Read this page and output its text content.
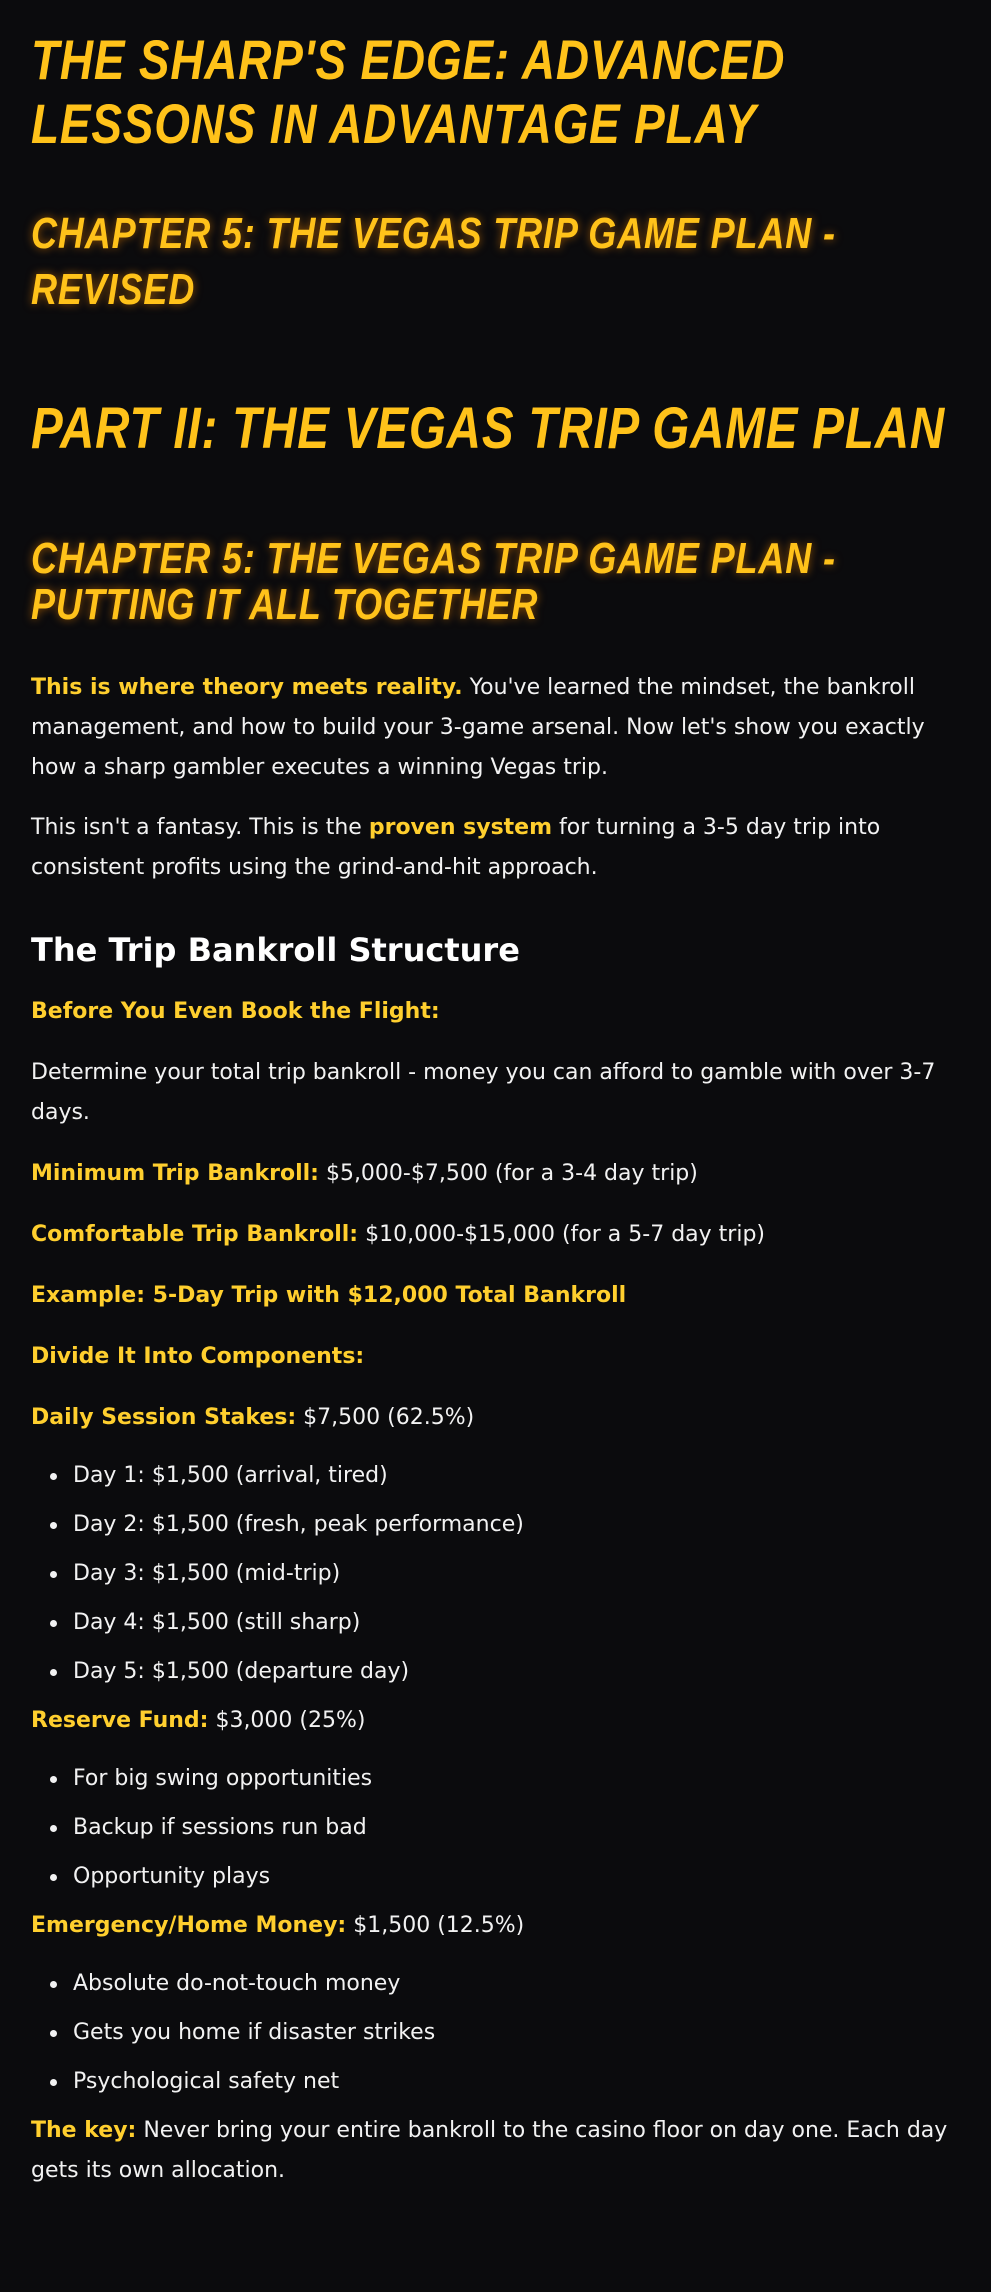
THE SHARP'S EDGE: ADVANCED LESSONS IN ADVANTAGE PLAY
CHAPTER 5: THE VEGAS TRIP GAME PLAN - REVISED
PART II: THE VEGAS TRIP GAME PLAN
CHAPTER 5: THE VEGAS TRIP GAME PLAN - PUTTING IT ALL TOGETHER

This is where theory meets reality. You've learned the mindset, the bankroll management, and how to build your 3-game arsenal. Now let's show you exactly how a sharp gambler executes a winning Vegas trip.

This isn't a fantasy. This is the proven system for turning a 3-5 day trip into consistent profits using the grind-and-hit approach.

The Trip Bankroll Structure

Before You Even Book the Flight:

Determine your total trip bankroll - money you can afford to gamble with over 3-7 days.

Minimum Trip Bankroll: $5,000-$7,500 (for a 3-4 day trip)

Comfortable Trip Bankroll: $10,000-$15,000 (for a 5-7 day trip)

Example: 5-Day Trip with $12,000 Total Bankroll

Divide It Into Components:

Daily Session Stakes: $7,500 (62.5%)

Day 1: $1,500 (arrival, tired)
Day 2: $1,500 (fresh, peak performance)
Day 3: $1,500 (mid-trip)
Day 4: $1,500 (still sharp)
Day 5: $1,500 (departure day)

Reserve Fund: $3,000 (25%)

For big swing opportunities
Backup if sessions run bad
Opportunity plays

Emergency/Home Money: $1,500 (12.5%)

Absolute do-not-touch money
Gets you home if disaster strikes
Psychological safety net

The key: Never bring your entire bankroll to the casino floor on day one. Each day gets its own allocation.
